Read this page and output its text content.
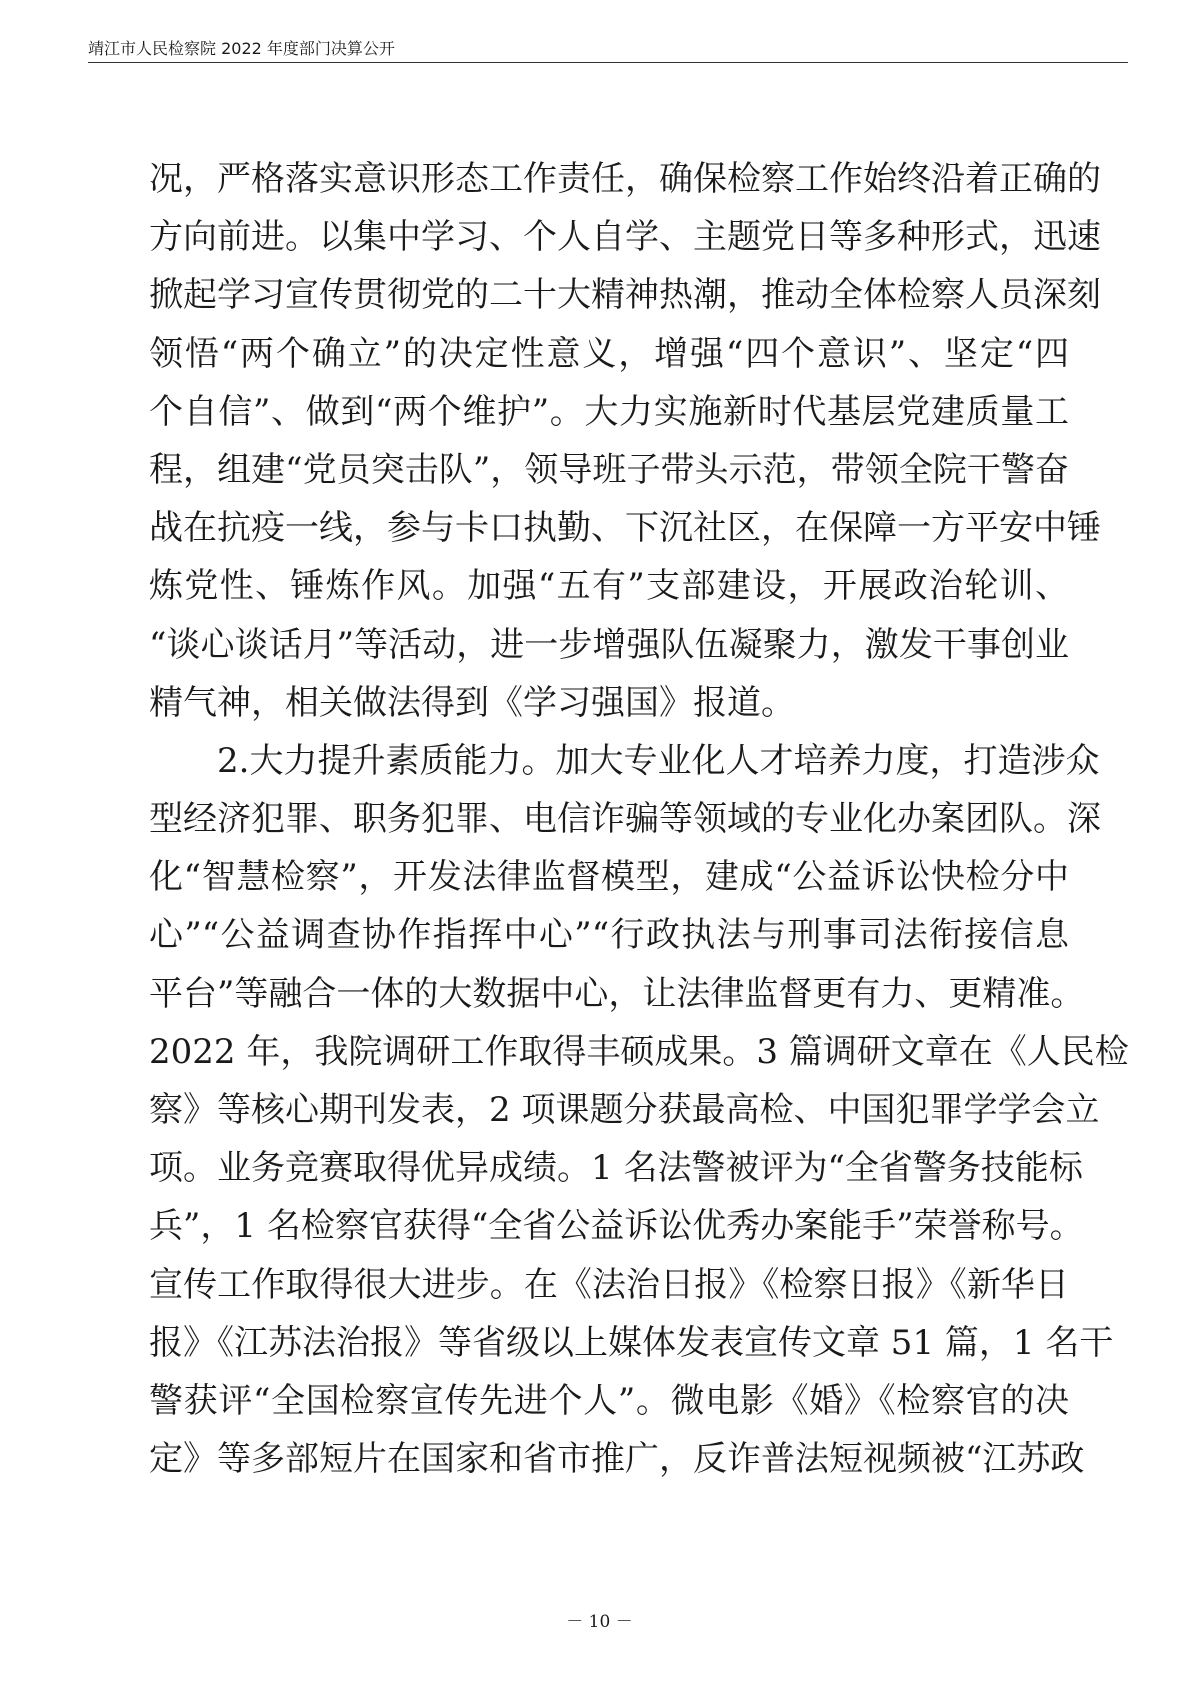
靖江市人民检察院 2022 年度部门决算公开
况，严格落实意识形态工作责任，确保检察工作始终沿着正确的
方向前进。以集中学习、个人自学、主题党日等多种形式，迅速
掀起学习宣传贯彻党的二十大精神热潮，推动全体检察人员深刻
领悟“两个确立”的决定性意义，增强“四个意识”、坚定“四
个自信”、做到“两个维护”。大力实施新时代基层党建质量工
程，组建“党员突击队”，领导班子带头示范，带领全院干警奋
战在抗疫一线，参与卡口执勤、下沉社区，在保障一方平安中锤
炼党性、锤炼作风。加强“五有”支部建设，开展政治轮训、
“谈心谈话月”等活动，进一步增强队伍凝聚力，激发干事创业
精气神，相关做法得到《学习强国》报道。
2.大力提升素质能力。加大专业化人才培养力度，打造涉众
型经济犯罪、职务犯罪、电信诈骗等领域的专业化办案团队。深
化“智慧检察”，开发法律监督模型，建成“公益诉讼快检分中
心”“公益调查协作指挥中心”“行政执法与刑事司法衔接信息
平台”等融合一体的大数据中心，让法律监督更有力、更精准。
2022 年，我院调研工作取得丰硕成果。3 篇调研文章在《人民检
察》等核心期刊发表，2 项课题分获最高检、中国犯罪学学会立
项。业务竞赛取得优异成绩。1 名法警被评为“全省警务技能标
兵”，1 名检察官获得“全省公益诉讼优秀办案能手”荣誉称号。
宣传工作取得很大进步。在《法治日报》《检察日报》《新华日
报》《江苏法治报》等省级以上媒体发表宣传文章 51 篇，1 名干
警获评“全国检察宣传先进个人”。微电影《婚》《检察官的决
定》等多部短片在国家和省市推广，反诈普法短视频被“江苏政
－ 10 －
